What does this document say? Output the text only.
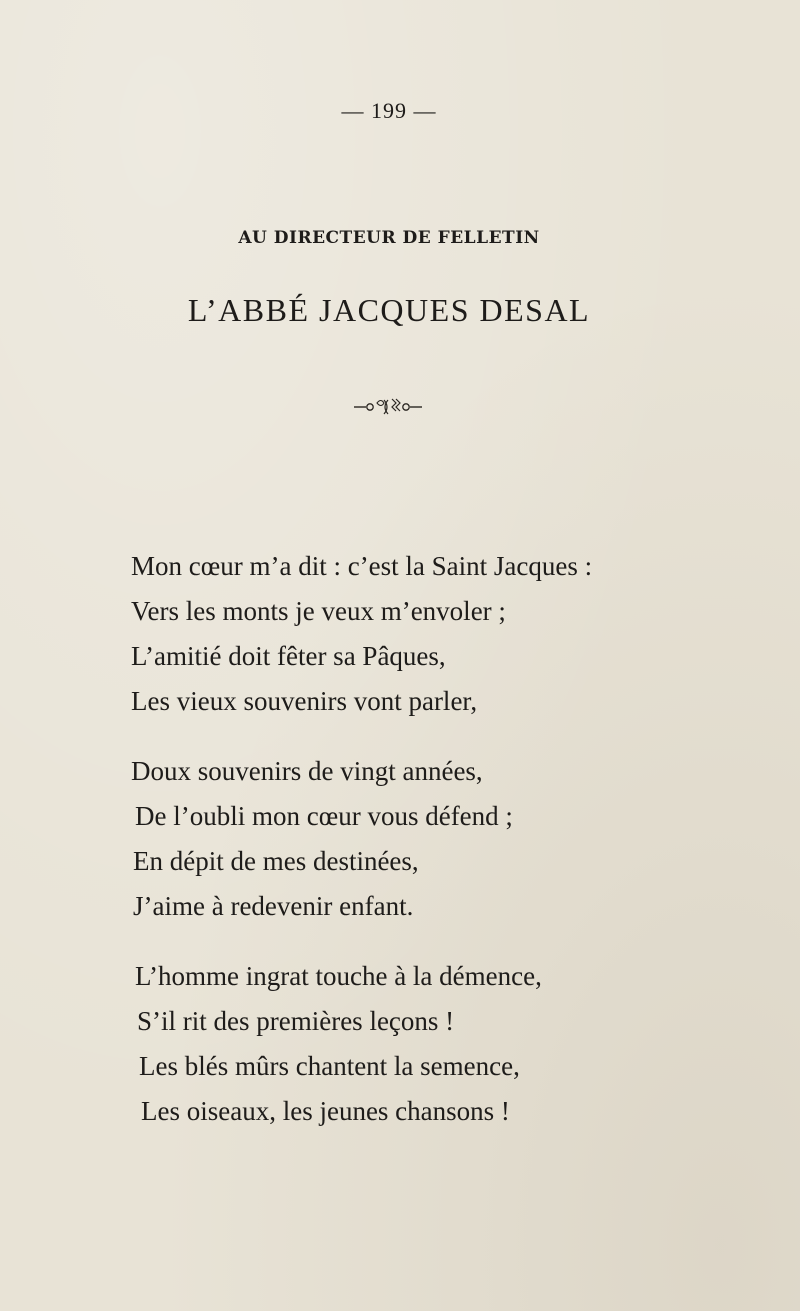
— 199 —
AU DIRECTEUR DE FELLETIN
L’ABBÉ JACQUES DESAL
Mon cœur m’a dit : c’est la Saint Jacques :
Vers les monts je veux m’envoler ;
L’amitié doit fêter sa Pâques,
Les vieux souvenirs vont parler,
Doux souvenirs de vingt années,
De l’oubli mon cœur vous défend ;
En dépit de mes destinées,
J’aime à redevenir enfant.
L’homme ingrat touche à la démence,
S’il rit des premières leçons !
Les blés mûrs chantent la semence,
Les oiseaux, les jeunes chansons !
